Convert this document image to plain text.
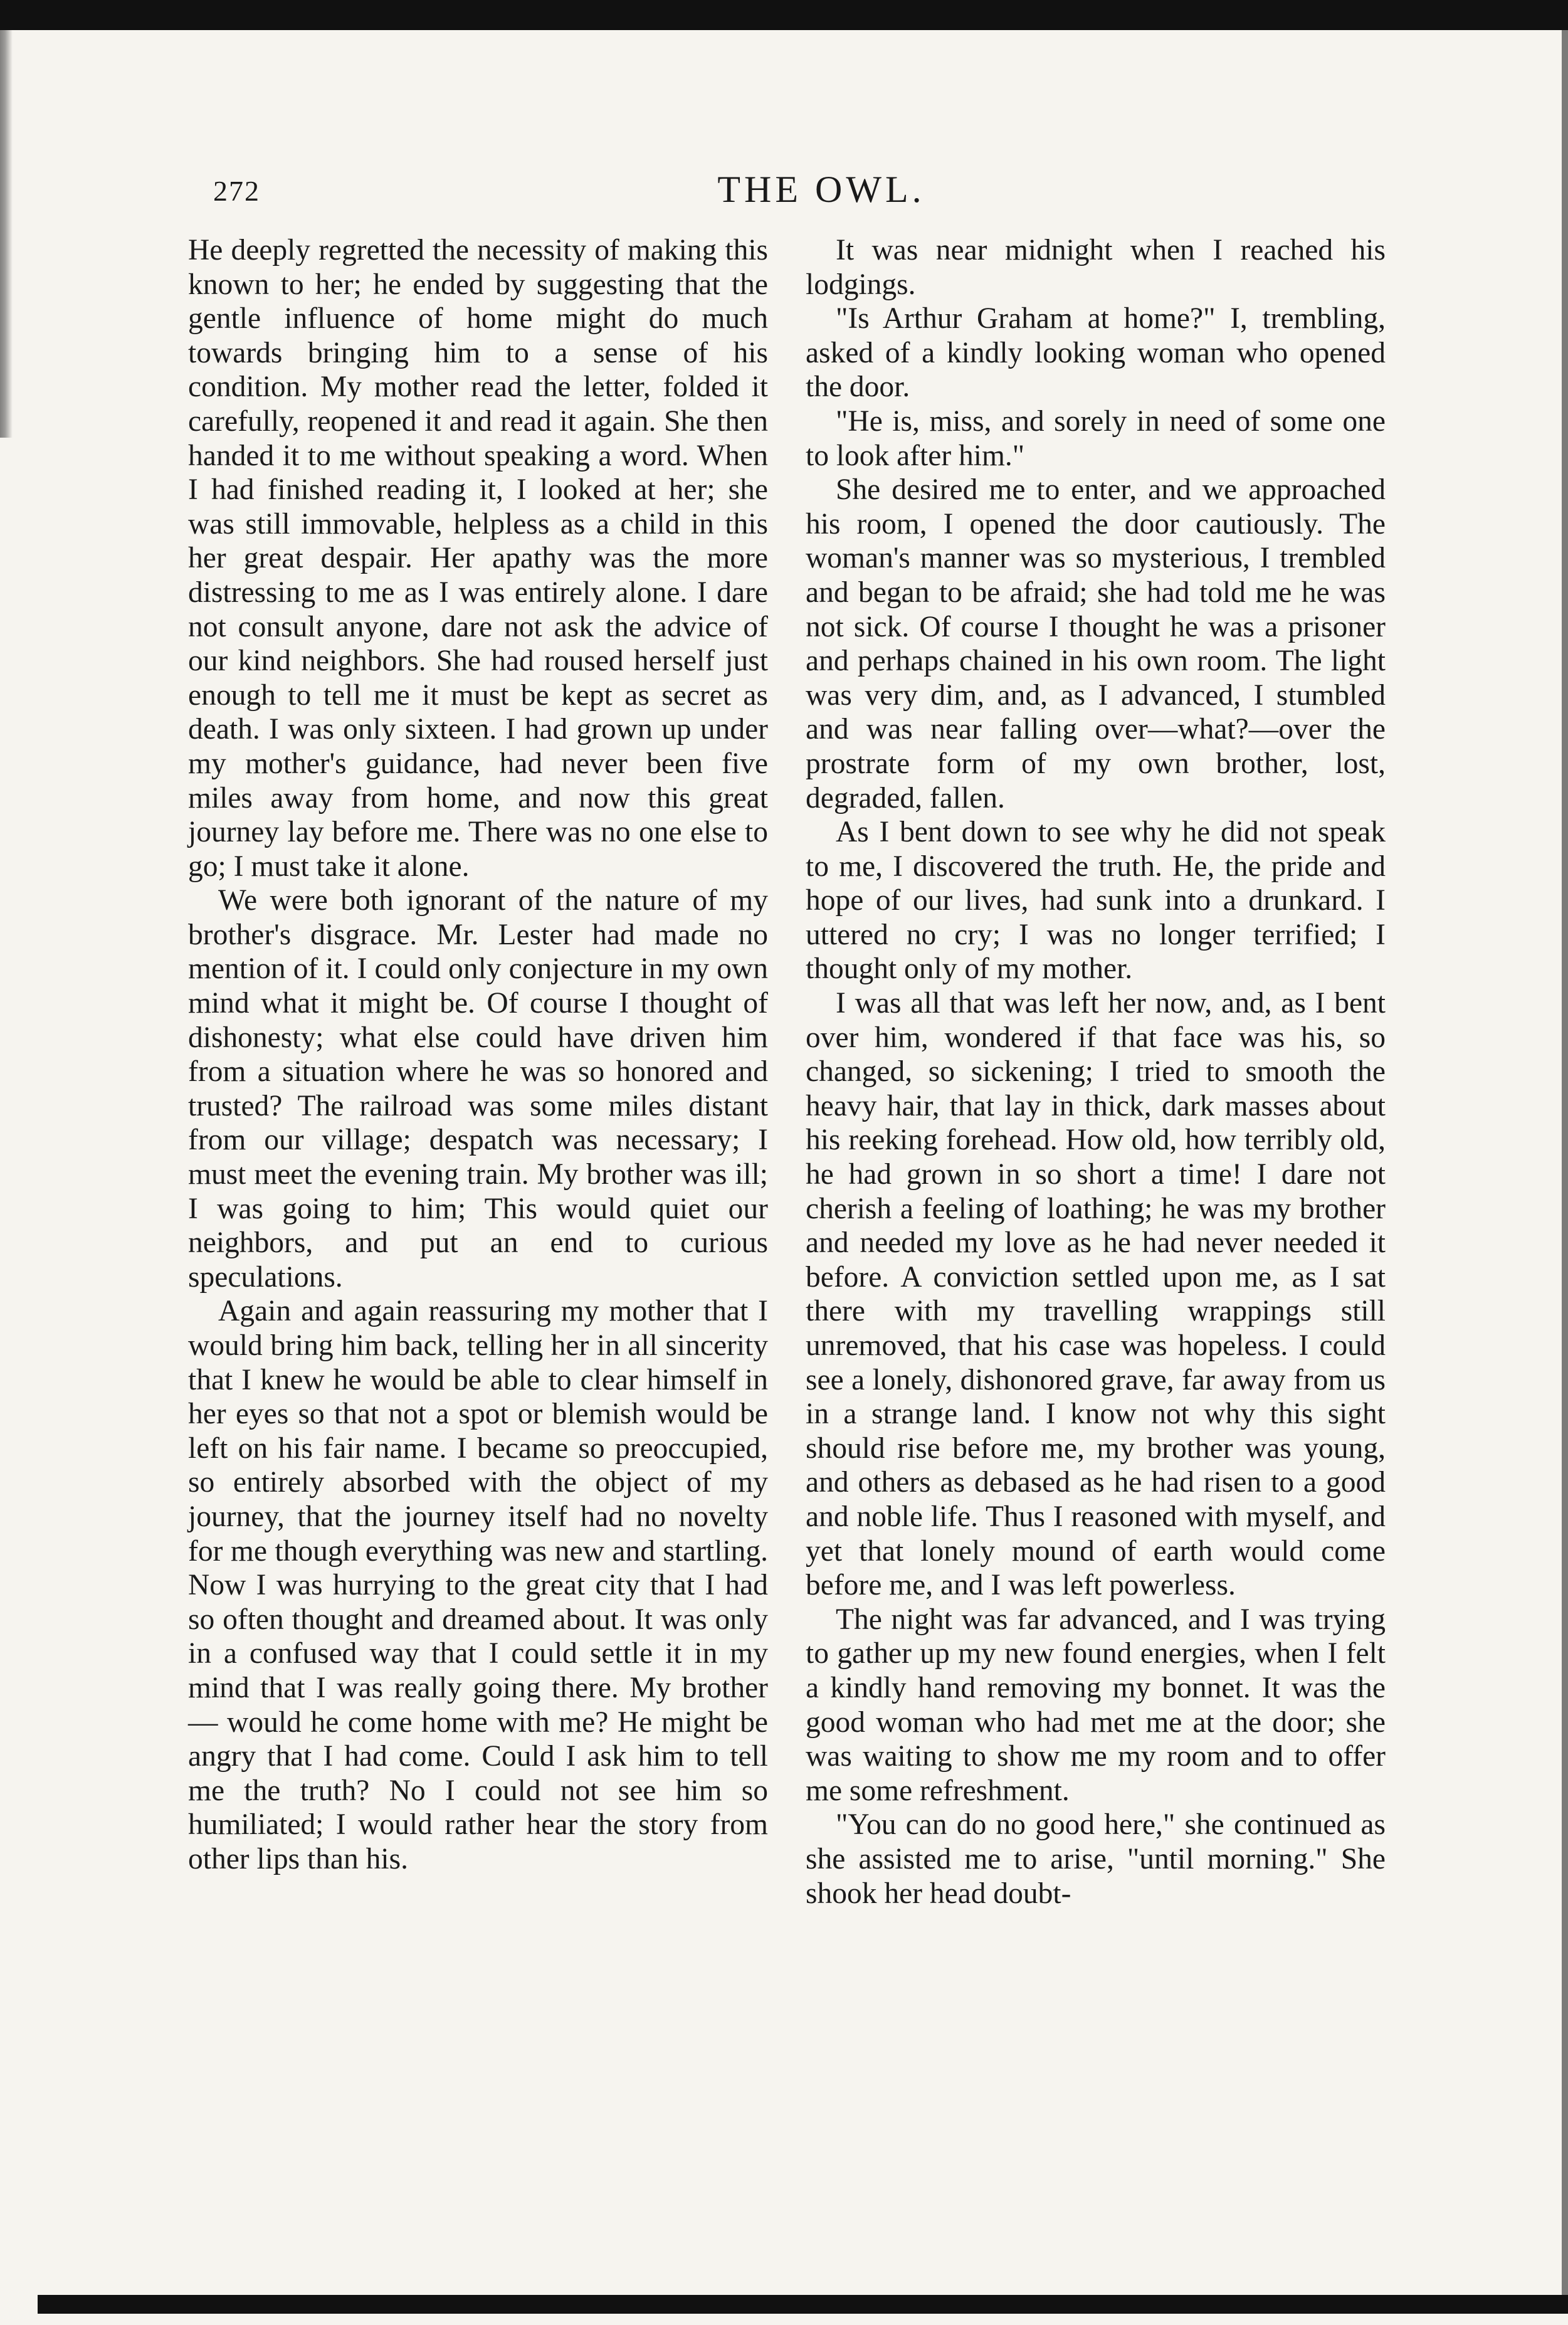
272	THE OWL.

He deeply regretted the necessity of making this known to her; he ended by suggesting that the gentle influence of home might do much towards bringing him to a sense of his condition. My mother read the letter, folded it carefully, reopened it and read it again. She then handed it to me without speaking a word. When I had finished reading it, I looked at her; she was still immovable, helpless as a child in this her great despair. Her apathy was the more distressing to me as I was entirely alone. I dare not consult anyone, dare not ask the advice of our kind neighbors. She had roused herself just enough to tell me it must be kept as secret as death. I was only sixteen. I had grown up under my mother's guidance, had never been five miles away from home, and now this great journey lay before me. There was no one else to go; I must take it alone.

We were both ignorant of the nature of my brother's disgrace. Mr. Lester had made no mention of it. I could only conjecture in my own mind what it might be. Of course I thought of dishonesty; what else could have driven him from a situation where he was so honored and trusted? The railroad was some miles distant from our village; despatch was necessary; I must meet the evening train. My brother was ill; I was going to him; This would quiet our neighbors, and put an end to curious speculations.

Again and again reassuring my mother that I would bring him back, telling her in all sincerity that I knew he would be able to clear himself in her eyes so that not a spot or blemish would be left on his fair name. I became so preoccupied, so entirely absorbed with the object of my journey, that the journey itself had no novelty for me though everything was new and startling. Now I was hurrying to the great city that I had so often thought and dreamed about. It was only in a confused way that I could settle it in my mind that I was really going there. My brother— would he come home with me? He might be angry that I had come. Could I ask him to tell me the truth? No I could not see him so humiliated; I would rather hear the story from other lips than his.

It was near midnight when I reached his lodgings.

"Is Arthur Graham at home?" I, trembling, asked of a kindly looking woman who opened the door.

"He is, miss, and sorely in need of some one to look after him."

She desired me to enter, and we approached his room, I opened the door cautiously. The woman's manner was so mysterious, I trembled and began to be afraid; she had told me he was not sick. Of course I thought he was a prisoner and perhaps chained in his own room. The light was very dim, and, as I advanced, I stumbled and was near falling over—what?—over the prostrate form of my own brother, lost, degraded, fallen.

As I bent down to see why he did not speak to me, I discovered the truth. He, the pride and hope of our lives, had sunk into a drunkard. I uttered no cry; I was no longer terrified; I thought only of my mother.

I was all that was left her now, and, as I bent over him, wondered if that face was his, so changed, so sickening; I tried to smooth the heavy hair, that lay in thick, dark masses about his reeking forehead. How old, how terribly old, he had grown in so short a time! I dare not cherish a feeling of loathing; he was my brother and needed my love as he had never needed it before. A conviction settled upon me, as I sat there with my travelling wrappings still unremoved, that his case was hopeless. I could see a lonely, dishonored grave, far away from us in a strange land. I know not why this sight should rise before me, my brother was young, and others as debased as he had risen to a good and noble life. Thus I reasoned with myself, and yet that lonely mound of earth would come before me, and I was left powerless.

The night was far advanced, and I was trying to gather up my new found energies, when I felt a kindly hand removing my bonnet. It was the good woman who had met me at the door; she was waiting to show me my room and to offer me some refreshment.

"You can do no good here," she continued as she assisted me to arise, "until morning." She shook her head doubt-
